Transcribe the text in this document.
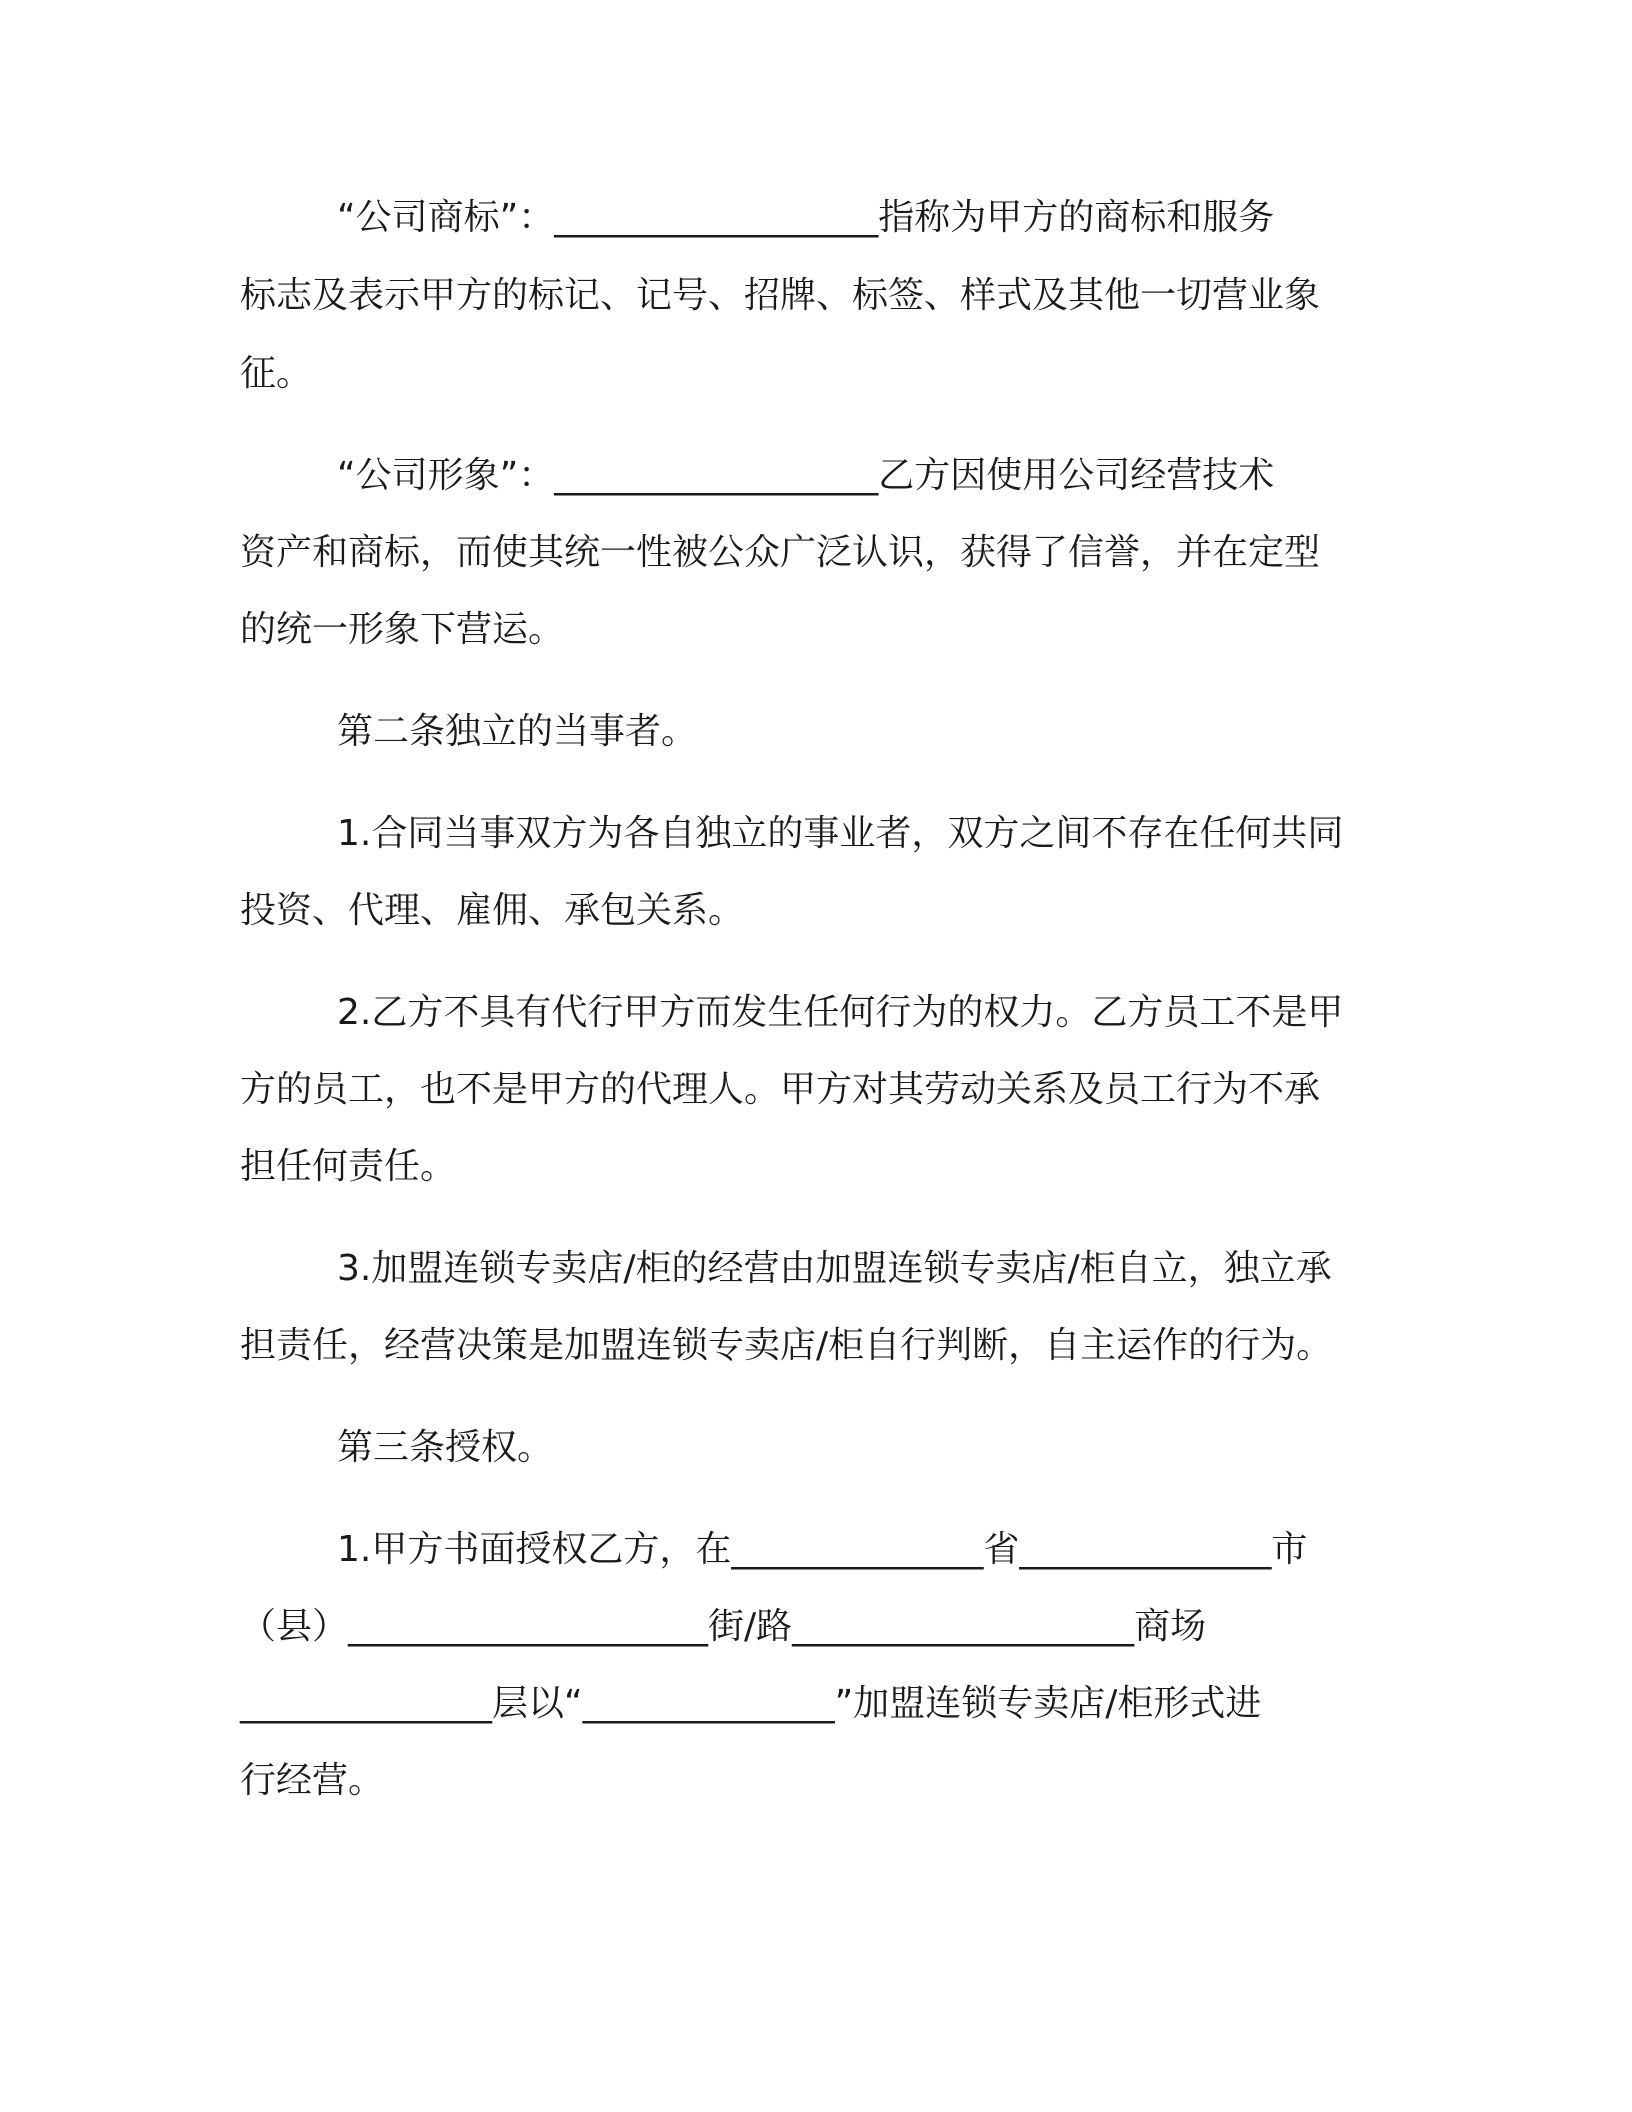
“公司商标”：__________________指称为甲方的商标和服务
标志及表示甲方的标记、记号、招牌、标签、样式及其他一切营业象
征。
“公司形象”：__________________乙方因使用公司经营技术
资产和商标，而使其统一性被公众广泛认识，获得了信誉，并在定型
的统一形象下营运。
第二条独立的当事者。
1.合同当事双方为各自独立的事业者，双方之间不存在任何共同
投资、代理、雇佣、承包关系。
2.乙方不具有代行甲方而发生任何行为的权力。乙方员工不是甲
方的员工，也不是甲方的代理人。甲方对其劳动关系及员工行为不承
担任何责任。
3.加盟连锁专卖店/柜的经营由加盟连锁专卖店/柜自立，独立承
担责任，经营决策是加盟连锁专卖店/柜自行判断，自主运作的行为。
第三条授权。
1.甲方书面授权乙方，在______________省______________市
（县）____________________街/路___________________商场
______________层以“______________”加盟连锁专卖店/柜形式进
行经营。
